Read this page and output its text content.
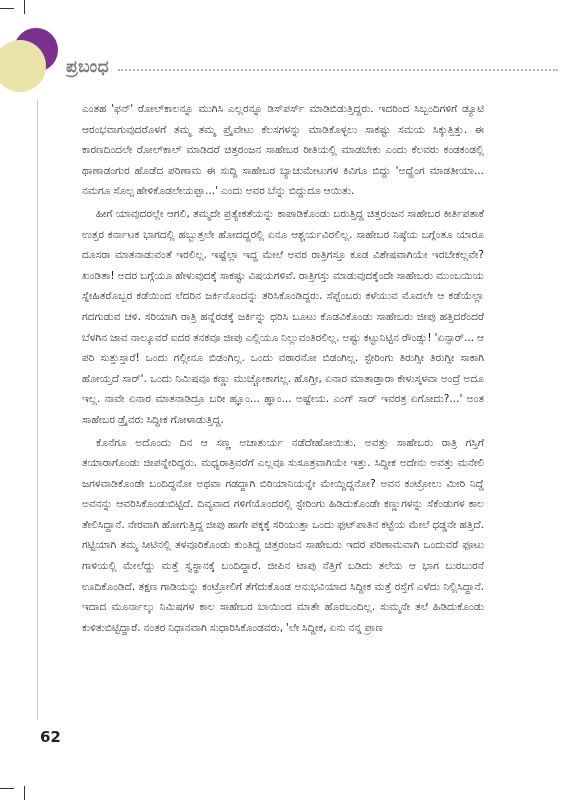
ಪ್ರಬಂಧ

ಎಂತಹ 'ಫನ್' ರೋಲ್‌ಕಾಲನ್ನೂ ಮುಗಿಸಿ ಎಲ್ಲರನ್ನೂ ಡಿಸ್‌ಪರ್ಸ್ ಮಾಡಿಬಿಡುತ್ತಿದ್ದರು. ಇದರಿಂದ ಸಿಬ್ಬಂದಿಗಳಿಗೆ ಡ್ಯೂಟಿ ಆರಂಭವಾಗುವುದರೊಳಗೆ ತಮ್ಮ ತಮ್ಮ ಪ್ರೈವೇಟು ಕೆಲಸಗಳನ್ನು ಮಾಡಿಕೊಳ್ಳಲು ಸಾಕಷ್ಟು ಸಮಯ ಸಿಕ್ಕುತ್ತಿತ್ತು. ಈ ಕಾರಣದಿಂದಲೇ ರೋಲ್‌ಕಾಲ್ ಮಾಡಿದರೆ ಚಿತ್ತರಂಜನ ಸಾಹೇಬರ ರೀತಿಯಲ್ಲಿ ಮಾಡಬೇಕು ಎಂದು ಕೆಲವರು ಕಂಡಕಂಡಲ್ಲಿ ಥಾಣಾಡಂಗುರ ಹೊಡೆದ ಪರಿಣಾಮ ಈ ಸುದ್ದಿ ಸಾಹೇಬರ ಬ್ಯಾಚುಮೇಟುಗಳ ಕಿವಿಗೂ ಬಿದ್ದು 'ಅದ್ಹೆಂಗ ಮಾಡತೀಯಾ... ನಮಗೂ ಸೊಲ್ಪ ಹೇಳಿಕೊಡಲೇಯಪ್ಪಾ...' ಎಂದು ಅವರ ಬೆನ್ನು ಬಿದ್ದುದೂ ಆಯಿತು.

ಹೀಗೆ ಯಾವುದರಲ್ಲೇ ಆಗಲಿ, ತಮ್ಮದೇ ಪ್ರತ್ಯೇಕತೆಯನ್ನು ಕಾಪಾಡಿಕೊಂಡು ಬರುತ್ತಿದ್ದ ಚಿತ್ತರಂಜನ ಸಾಹೇಬರ ಕೀರ್ತಿಪತಾಕೆ ಉತ್ತರ ಕರ್ನಾಟಕ ಭಾಗದಲ್ಲಿ ಹಬ್ಬುತ್ತಲೇ ಹೋದದ್ದರಲ್ಲಿ ಏನೂ ಆಶ್ಚರ್ಯವಿರಲಿಲ್ಲ. ಸಾಹೇಬರ ನಿಷ್ಠೆಯ ಬಗ್ಗೆಂತೂ ಯಾರೂ ದೂಸರಾ ಮಾತನಾಡುವಂತೆ ಇರಲಿಲ್ಲ. ಇಷ್ಟೆಲ್ಲಾ ಇದ್ದ ಮೇಲೆ ಅವರ ರಾತ್ರಿಗಸ್ತೂ ಕೂಡ ವಿಶೇಷವಾಗಿಯೇ ಇರಬೇಕಲ್ಲವೇ? ಖಂಡಿತಾ! ಅದರ ಬಗ್ಗೆಯೂ ಹೇಳುವುದಕ್ಕೆ ಸಾಕಷ್ಟು ವಿಷಯಗಳಿವೆ. ರಾತ್ರಿಗಸ್ತು ಮಾಡುವುದಕ್ಕೆಂದೇ ಸಾಹೇಬರು ಮುಂಬಯಿಯ ಸ್ನೇಹಿತರೊಬ್ಬರ ಕಡೆಯಿಂದ ಲೆದರಿನ ಜರ್ಕಿನೊಂದನ್ನು ತರಿಸಿಕೊಂಡಿದ್ದರು. ಸೆಪ್ಟೆಂಬರು ಕಳೆಯುವ ಮೊದಲೇ ಆ ಕಡೆಯೆಲ್ಲಾ ಗದಗುಡುವ ಚಳಿ. ಸರಿಯಾಗಿ ರಾತ್ರಿ ಹನ್ನೆರಡಕ್ಕೆ ಜರ್ಕಿನ್ನು ಧರಿಸಿ ಬೂಟು ಕೊಡವಿಕೊಂಡು ಸಾಹೇಬರು ಜೀಪು ಹತ್ತಿದರೆಂದರೆ ಬೆಳಗಿನ ಜಾವ ನಾಲ್ಕೂವರೆ ಐದರ ತನಕವೂ ಜೀಪು ಎಲ್ಲಿಯೂ ನಿಲ್ಲುವಂತಿರಲಿಲ್ಲ. ಅಷ್ಟು ಕಟ್ಟುನಿಟ್ಟಿನ ರೌಂಡ್ಸು! 'ಏನ್ಸಾರ್... ಆ ಪರಿ ಸುತ್ತುಸ್ತಾರೆ! ಒಂದು ಗಲ್ಲೀನೂ ಬಿಡಂಗಿಲ್ಲ. ಒಂದು ವಠಾರನೋ ಬಿಡಂಗಿಲ್ಲ. ಸ್ಟೇರಿಂಗು ತಿರುಗ್ಸೀ ತಿರುಗ್ಸೀ ಸಾಕಾಗಿ ಹೋಯ್ತದೆ ಸಾರ್'. ಒಂದು ನಿಮಿಷವೂ ಕಣ್ಣು ಮುಚ್ಚೋಕಾಗಲ್ಲ. ಹೊಗ್ತೀ, ಏನಾರ ಮಾತಾಡ್ತಾರಾ ಕೇಳುಸ್ಕಳವಾ ಅಂದ್ರೆ ಅದೂ ಇಲ್ಲ. ನಾವೇ ಏನಾರ ಮಾತನಾಡಿದ್ರೂ ಬರೀ ಹ್ಞೂಂ... ಹ್ಞಾಂ... ಅಷ್ಟೇಯ. ಎಂಗ್ ಸಾರ್ ಇವರತ್ರ ಏಗೋದು?...' ಅಂತ ಸಾಹೇಬರ ಡ್ರೈವರು ಸಿದ್ದೀಕ ಗೋಳಾಡುತ್ತಿದ್ದ.

ಕೊನೆಗೂ ಅದೊಂದು ದಿನ ಆ ಸಣ್ಣ ಅಚಾತುರ್ಯ ನಡೆದೇಹೋಯಿತು. ಅವತ್ತು ಸಾಹೇಬರು ರಾತ್ರಿ ಗಸ್ತಿಗೆ ತಯಾರಾಗೊಂಡು ಜೀಪನ್ನೇರಿದ್ದರು. ಮಧ್ಯರಾತ್ರಿವರೆಗೆ ಎಲ್ಲವೂ ಸುಸೂತ್ರವಾಗಿಯೇ ಇತ್ತು. ಸಿದ್ದೀಕ ಅದೇನು ಅವತ್ತು ಮನೇಲಿ ಜಗಳವಾಡಿಕೊಂಡೇ ಬಂದಿದ್ದನೋ ಅಥವಾ ಗಡದ್ದಾಗಿ ಬಿರಿಯಾನಿಯನ್ನೇ ಮೇಯ್ದಿದ್ದನೋ? ಅವನ ಕಂಟ್ರೋಲು ಮೀರಿ ನಿದ್ದೆ ಅವನನ್ನು ಆವರಿಸಿಕೊಂಡುಬಿಟ್ಟಿದೆ. ದಿವ್ಯವಾದ ಗಳಿಗೆಯೊಂದರಲ್ಲಿ ಸ್ಟೇರಿಂಗು ಹಿಡಿದುಕೊಂಡೇ ಕಣ್ಣುಗಳನ್ನು ಸೆಕೆಂಡುಗಳ ಕಾಲ ತೇಲಿಸಿದ್ದಾನೆ. ನೇರವಾಗಿ ಹೋಗುತ್ತಿದ್ದ ಜೀಪು ಹಾಗೇ ಪಕ್ಕಕ್ಕೆ ಸರಿಯುತ್ತಾ ಒಂದು ಫುಟ್‌ಪಾತಿನ ಕಟ್ಟೆಯ ಮೇಲೆ ಧಡ್ಡನೇ ಹತ್ತಿದೆ. ಗಟ್ಟಿಯಾಗಿ ತಮ್ಮ ಸೀಟಿನಲ್ಲಿ ತಳವೂರಿಕೊಂಡು ಕುಂತಿದ್ದ ಚಿತ್ತರಂಜನ ಸಾಹೇಬರು ಇದರ ಪರಿಣಾಮವಾಗಿ ಒಂದುವರೆ ಫೂಟು ಗಾಳಿಯಲ್ಲಿ ಮೇಲೆದ್ದು ಮತ್ತೆ ಸ್ವಸ್ಥಾನಕ್ಕೆ ಬಂದಿದ್ದಾರೆ. ಜೀಪಿನ ಟಾಪು ನೆತ್ತಿಗೆ ಬಡಿದು ತಲೆಯ ಆ ಭಾಗ ಬುರಬುರನೆ ಊದಿಕೊಂಡಿದೆ. ತಕ್ಷಣ ಗಾಡಿಯನ್ನು ಕಂಟ್ರೋಲಿಗೆ ತೆಗೆದುಕೊಂಡ ಅನುಭವಿಯಾದ ಸಿದ್ದೀಕ ಮತ್ತೆ ರಸ್ತೆಗೆ ಎಳೆದು ನಿಲ್ಲಿಸಿದ್ದಾನೆ. ಇದಾದ ಮೂರ್ನಾಲ್ಕು ನಿಮಿಷಗಳ ಕಾಲ ಸಾಹೇಬರ ಬಾಯಿಂದ ಮಾತೇ ಹೊರಬಂದಿಲ್ಲ. ಸುಮ್ಮನೇ ತಲೆ ಹಿಡಿದುಕೊಂಡು ಕುಳಿತುಬಿಟ್ಟಿದ್ದಾರೆ. ನಂತರ ನಿಧಾನವಾಗಿ ಸುಧಾರಿಸಿಕೊಂಡವರು, 'ಲೇ ಸಿದ್ದೀಕ, ಏನು ನನ್ನ ಪ್ರಾಣ

62
